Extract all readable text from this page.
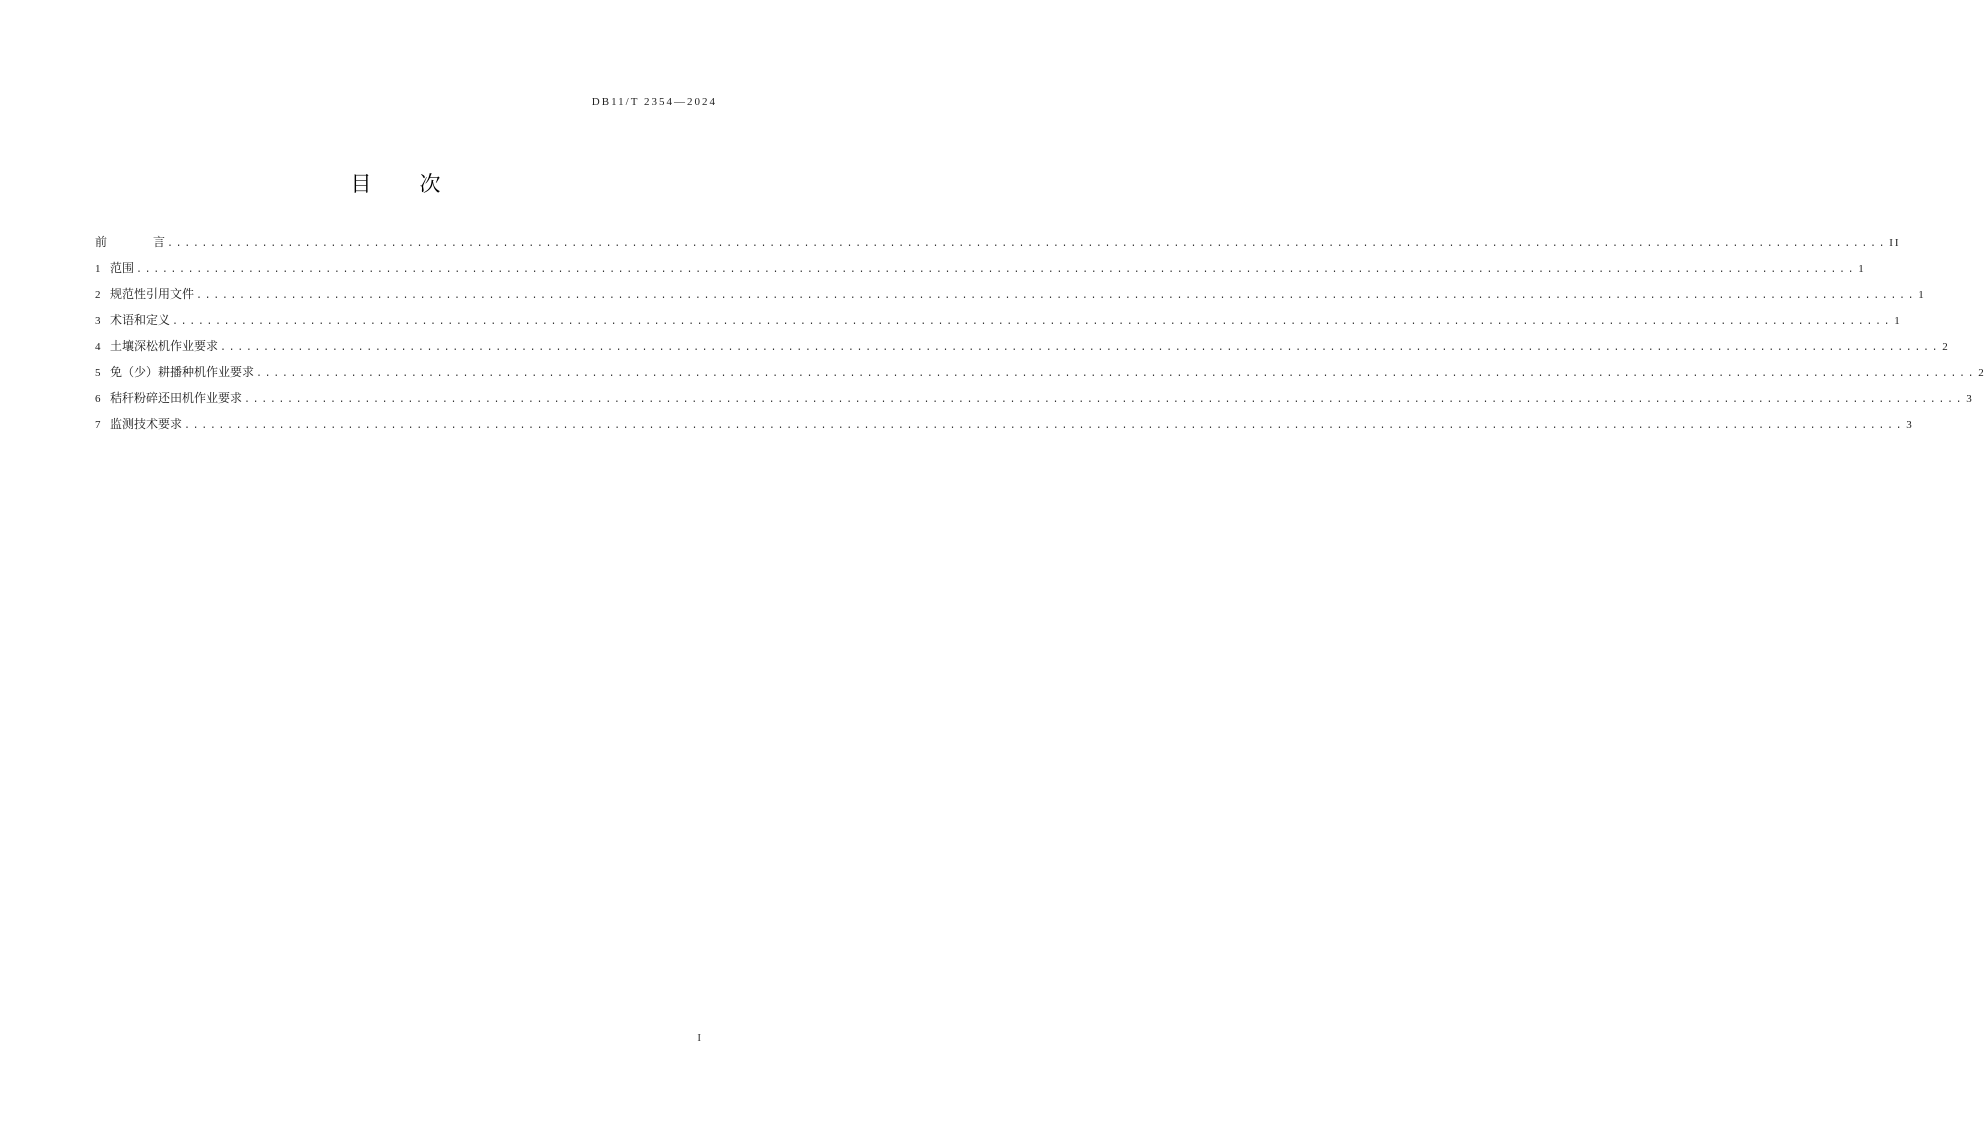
DB11/T 2354—2024
目 次
前	言 ........................................................................................................................................................................................................ II
1 范围 ........................................................................................................................................................................................................ 1
2 规范性引用文件 ........................................................................................................................................................................................................ 1
3 术语和定义 ........................................................................................................................................................................................................ 1
4 土壤深松机作业要求 ........................................................................................................................................................................................................ 2
5 免（少）耕播种机作业要求 ........................................................................................................................................................................................................ 2
6 秸秆粉碎还田机作业要求 ........................................................................................................................................................................................................ 3
7 监测技术要求 ........................................................................................................................................................................................................ 3
I
